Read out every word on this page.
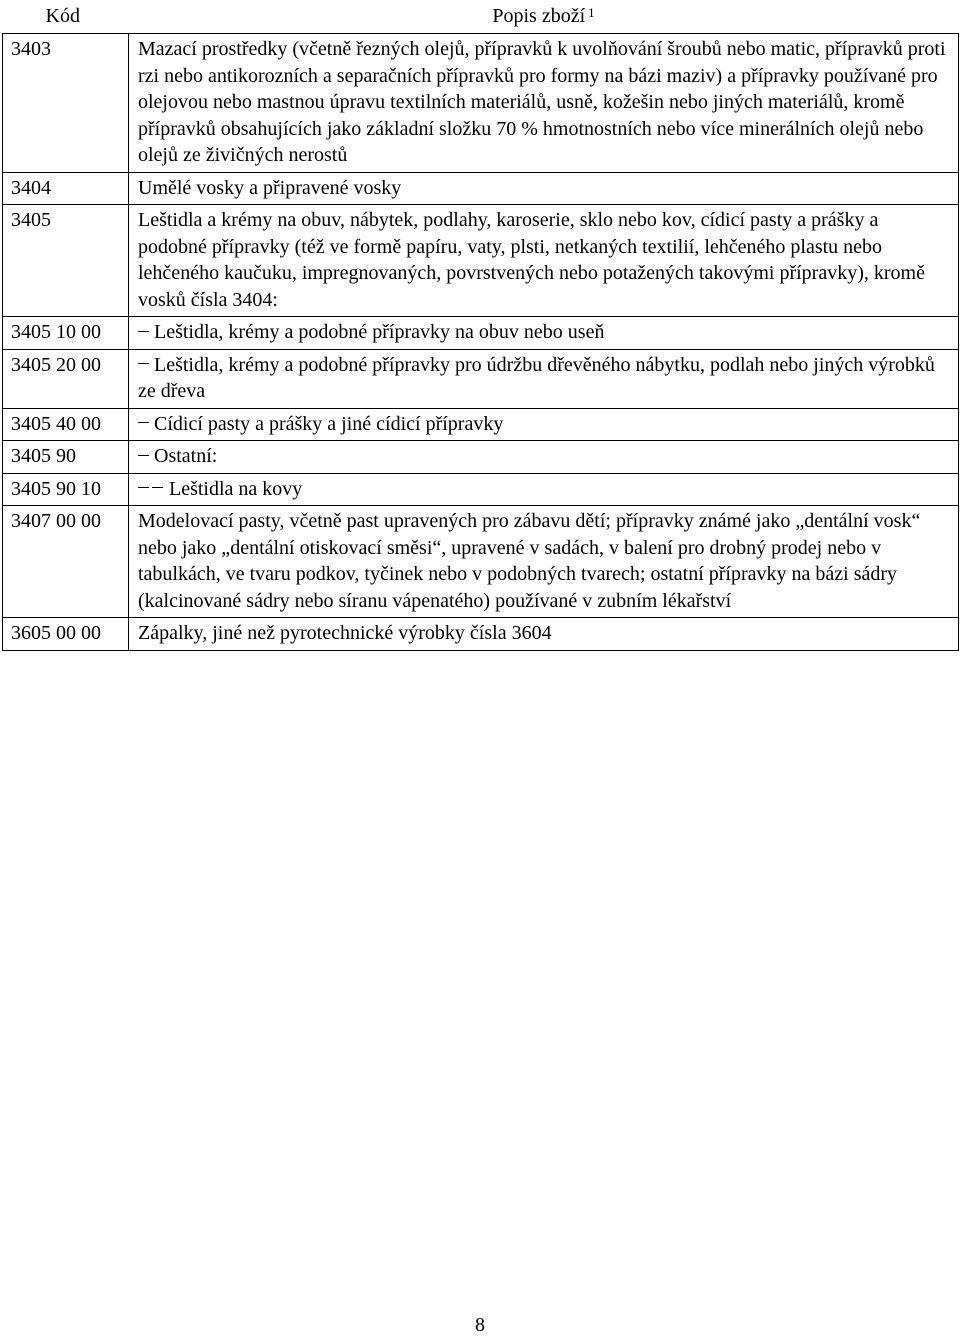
Kód	Popis zboží $^1$
3403	Mazací prostředky (včetně řezných olejů, přípravků k uvolňování šroubů nebo matic, přípravků proti rzi nebo antikorozních a separačních přípravků pro formy na bázi maziv) a přípravky používané pro olejovou nebo mastnou úpravu textilních materiálů, usně, kožešin nebo jiných materiálů, kromě přípravků obsahujících jako základní složku 70 % hmotnostních nebo více minerálních olejů nebo olejů ze živičných nerostů
3404	Umělé vosky a připravené vosky
3405	Leštidla a krémy na obuv, nábytek, podlahy, karoserie, sklo nebo kov, cídicí pasty a prášky a podobné přípravky (též ve formě papíru, vaty, plsti, netkaných textilií, lehčeného plastu nebo lehčeného kaučuku, impregnovaných, povrstvených nebo potažených takovými přípravky), kromě vosků čísla 3404:
3405 10 00	Leštidla, krémy a podobné přípravky na obuv nebo useň
3405 20 00	Leštidla, krémy a podobné přípravky pro údržbu dřevěného nábytku, podlah nebo jiných výrobků ze dřeva
3405 40 00	Cídicí pasty a prášky a jiné cídicí přípravky
3405 90	Ostatní:
3405 90 10	Leštidla na kovy
3407 00 00	Modelovací pasty, včetně past upravených pro zábavu dětí; přípravky známé jako „dentální vosk“ nebo jako „dentální otiskovací směsi“, upravené v sadách, v balení pro drobný prodej nebo v tabulkách, ve tvaru podkov, tyčinek nebo v podobných tvarech; ostatní přípravky na bázi sádry (kalcinované sádry nebo síranu vápenatého) používané v zubním lékařství
3605 00 00	Zápalky, jiné než pyrotechnické výrobky čísla 3604
8
